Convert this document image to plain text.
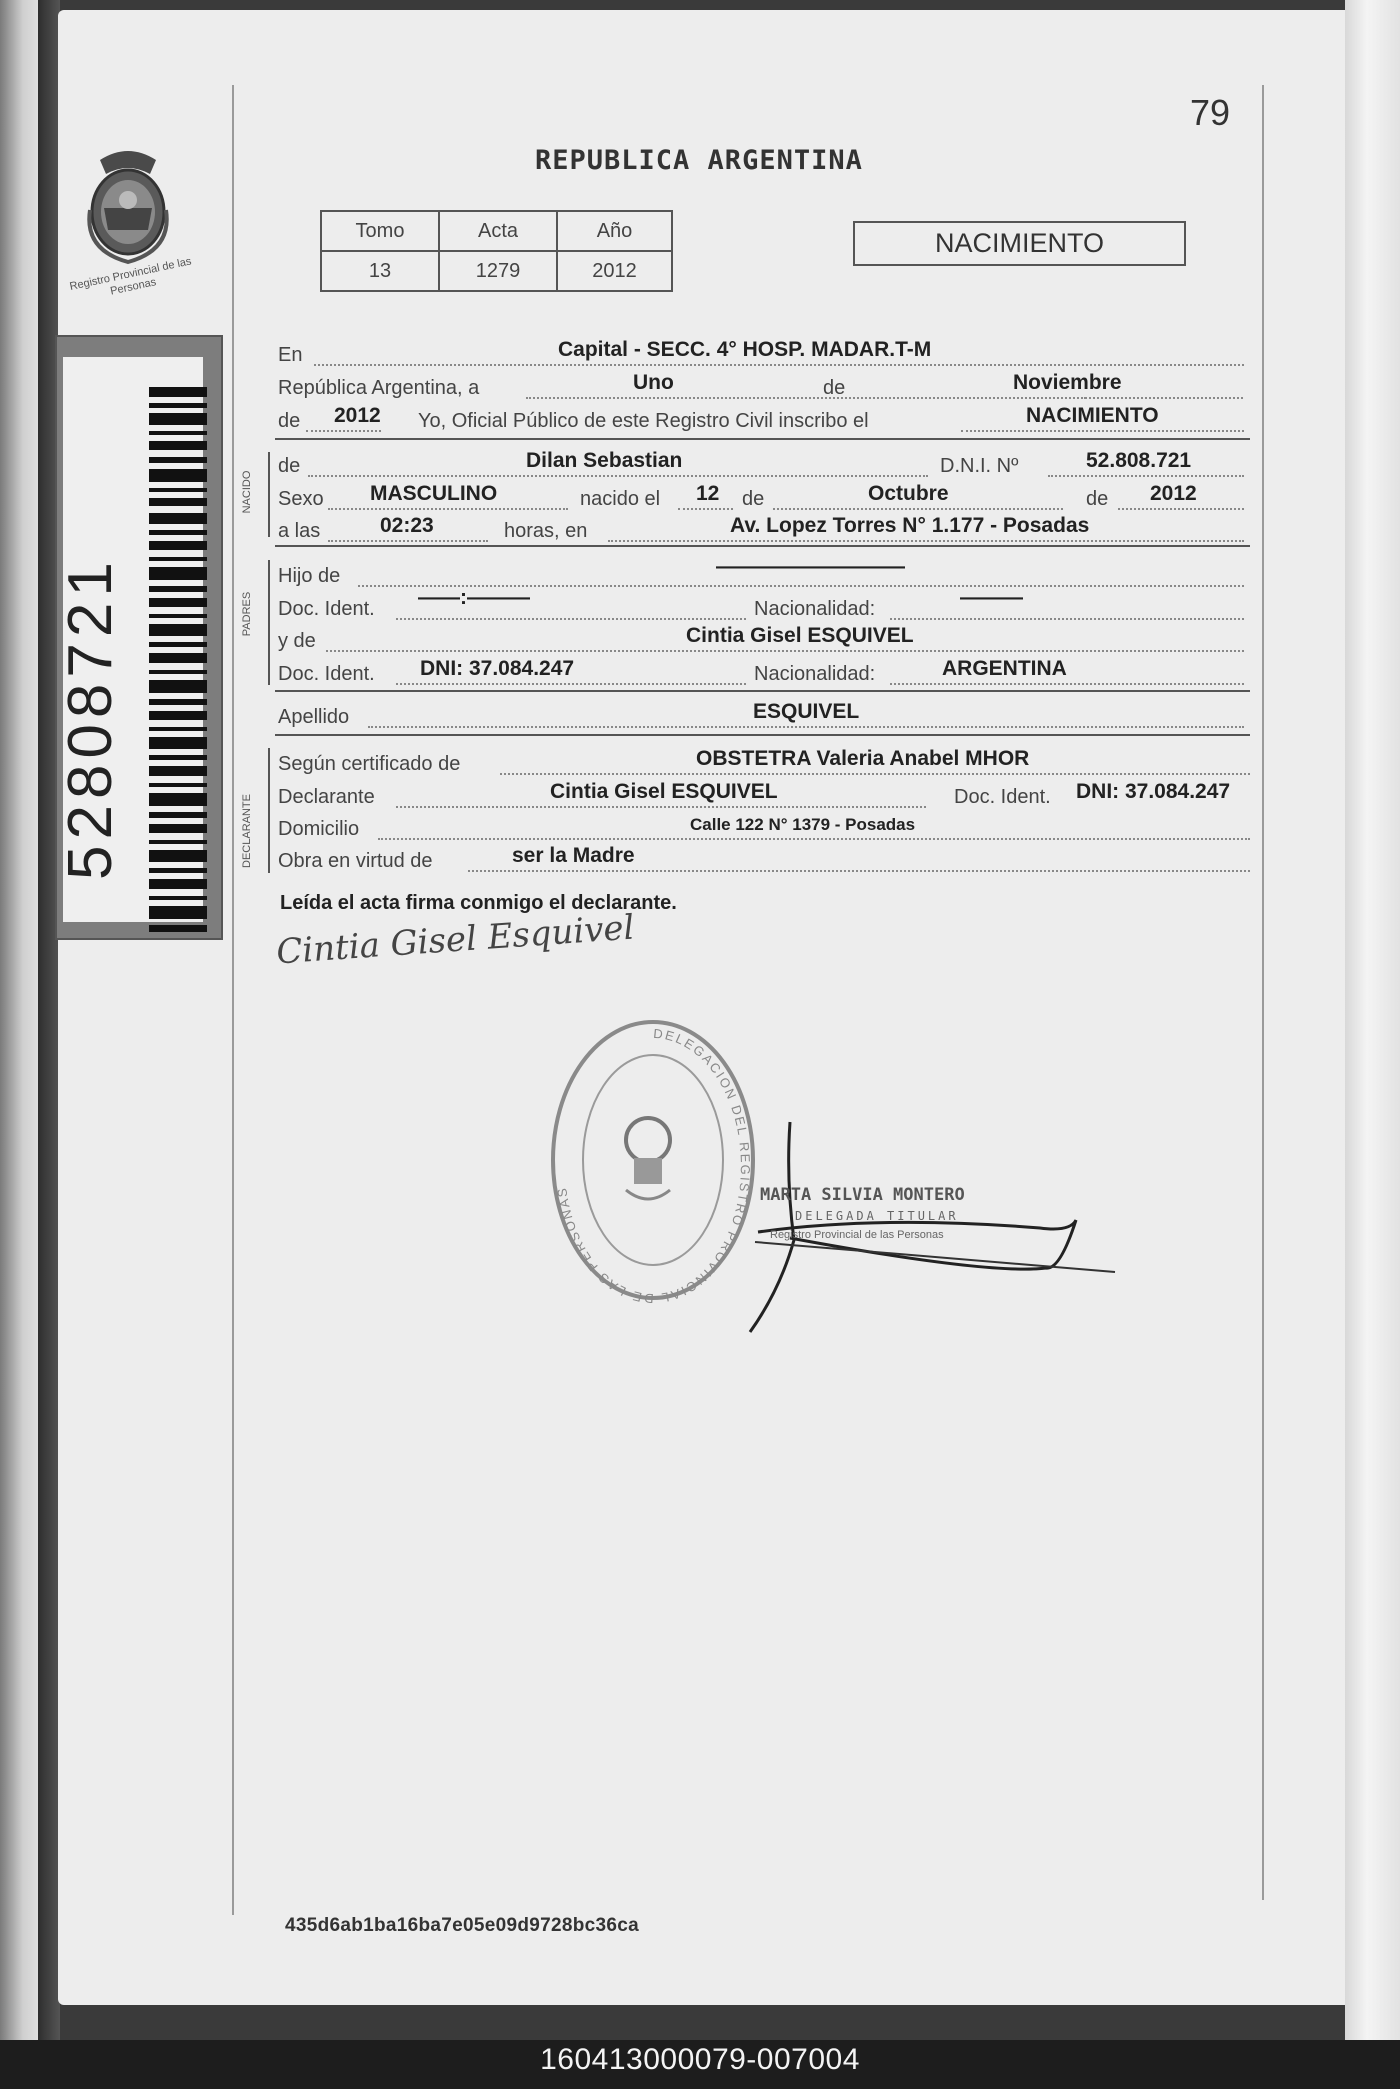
Registro Provincial de las Personas
52808721
79
REPUBLICA ARGENTINA
Tomo	Acta	Año
13	1279	2012
NACIMIENTO
NACIDO
PADRES
DECLARANTE
En	Capital - SECC. 4° HOSP. MADAR.T-M
República Argentina, a	Uno	de	Noviembre
de 2012 Yo, Oficial Público de este Registro Civil inscribo el	NACIMIENTO
de	Dilan Sebastian	D.N.I. Nº	52.808.721
Sexo MASCULINO	nacido el 12 de	Octubre	de 2012
a las	02:23	horas, en	Av. Lopez Torres N° 1.177 - Posadas
Hijo de	—————————
Doc. Ident. ——:———	Nacionalidad:	———
y de	Cintia Gisel ESQUIVEL
Doc. Ident. DNI: 37.084.247	Nacionalidad:	ARGENTINA
Apellido	ESQUIVEL
Según certificado de	OBSTETRA Valeria Anabel MHOR
Declarante	Cintia Gisel ESQUIVEL	Doc. Ident. DNI: 37.084.247
Domicilio	Calle 122 N° 1379 - Posadas
Obra en virtud de	ser la Madre
Leída el acta firma conmigo el declarante.
Cintia Gisel Esquivel
DELEGACION DEL REGISTRO PROVINCIAL DE LAS PERSONAS	MARTA SILVIA MONTERO
DELEGADA TITULAR
Registro Provincial de las Personas
435d6ab1ba16ba7e05e09d9728bc36ca
160413000079-007004
